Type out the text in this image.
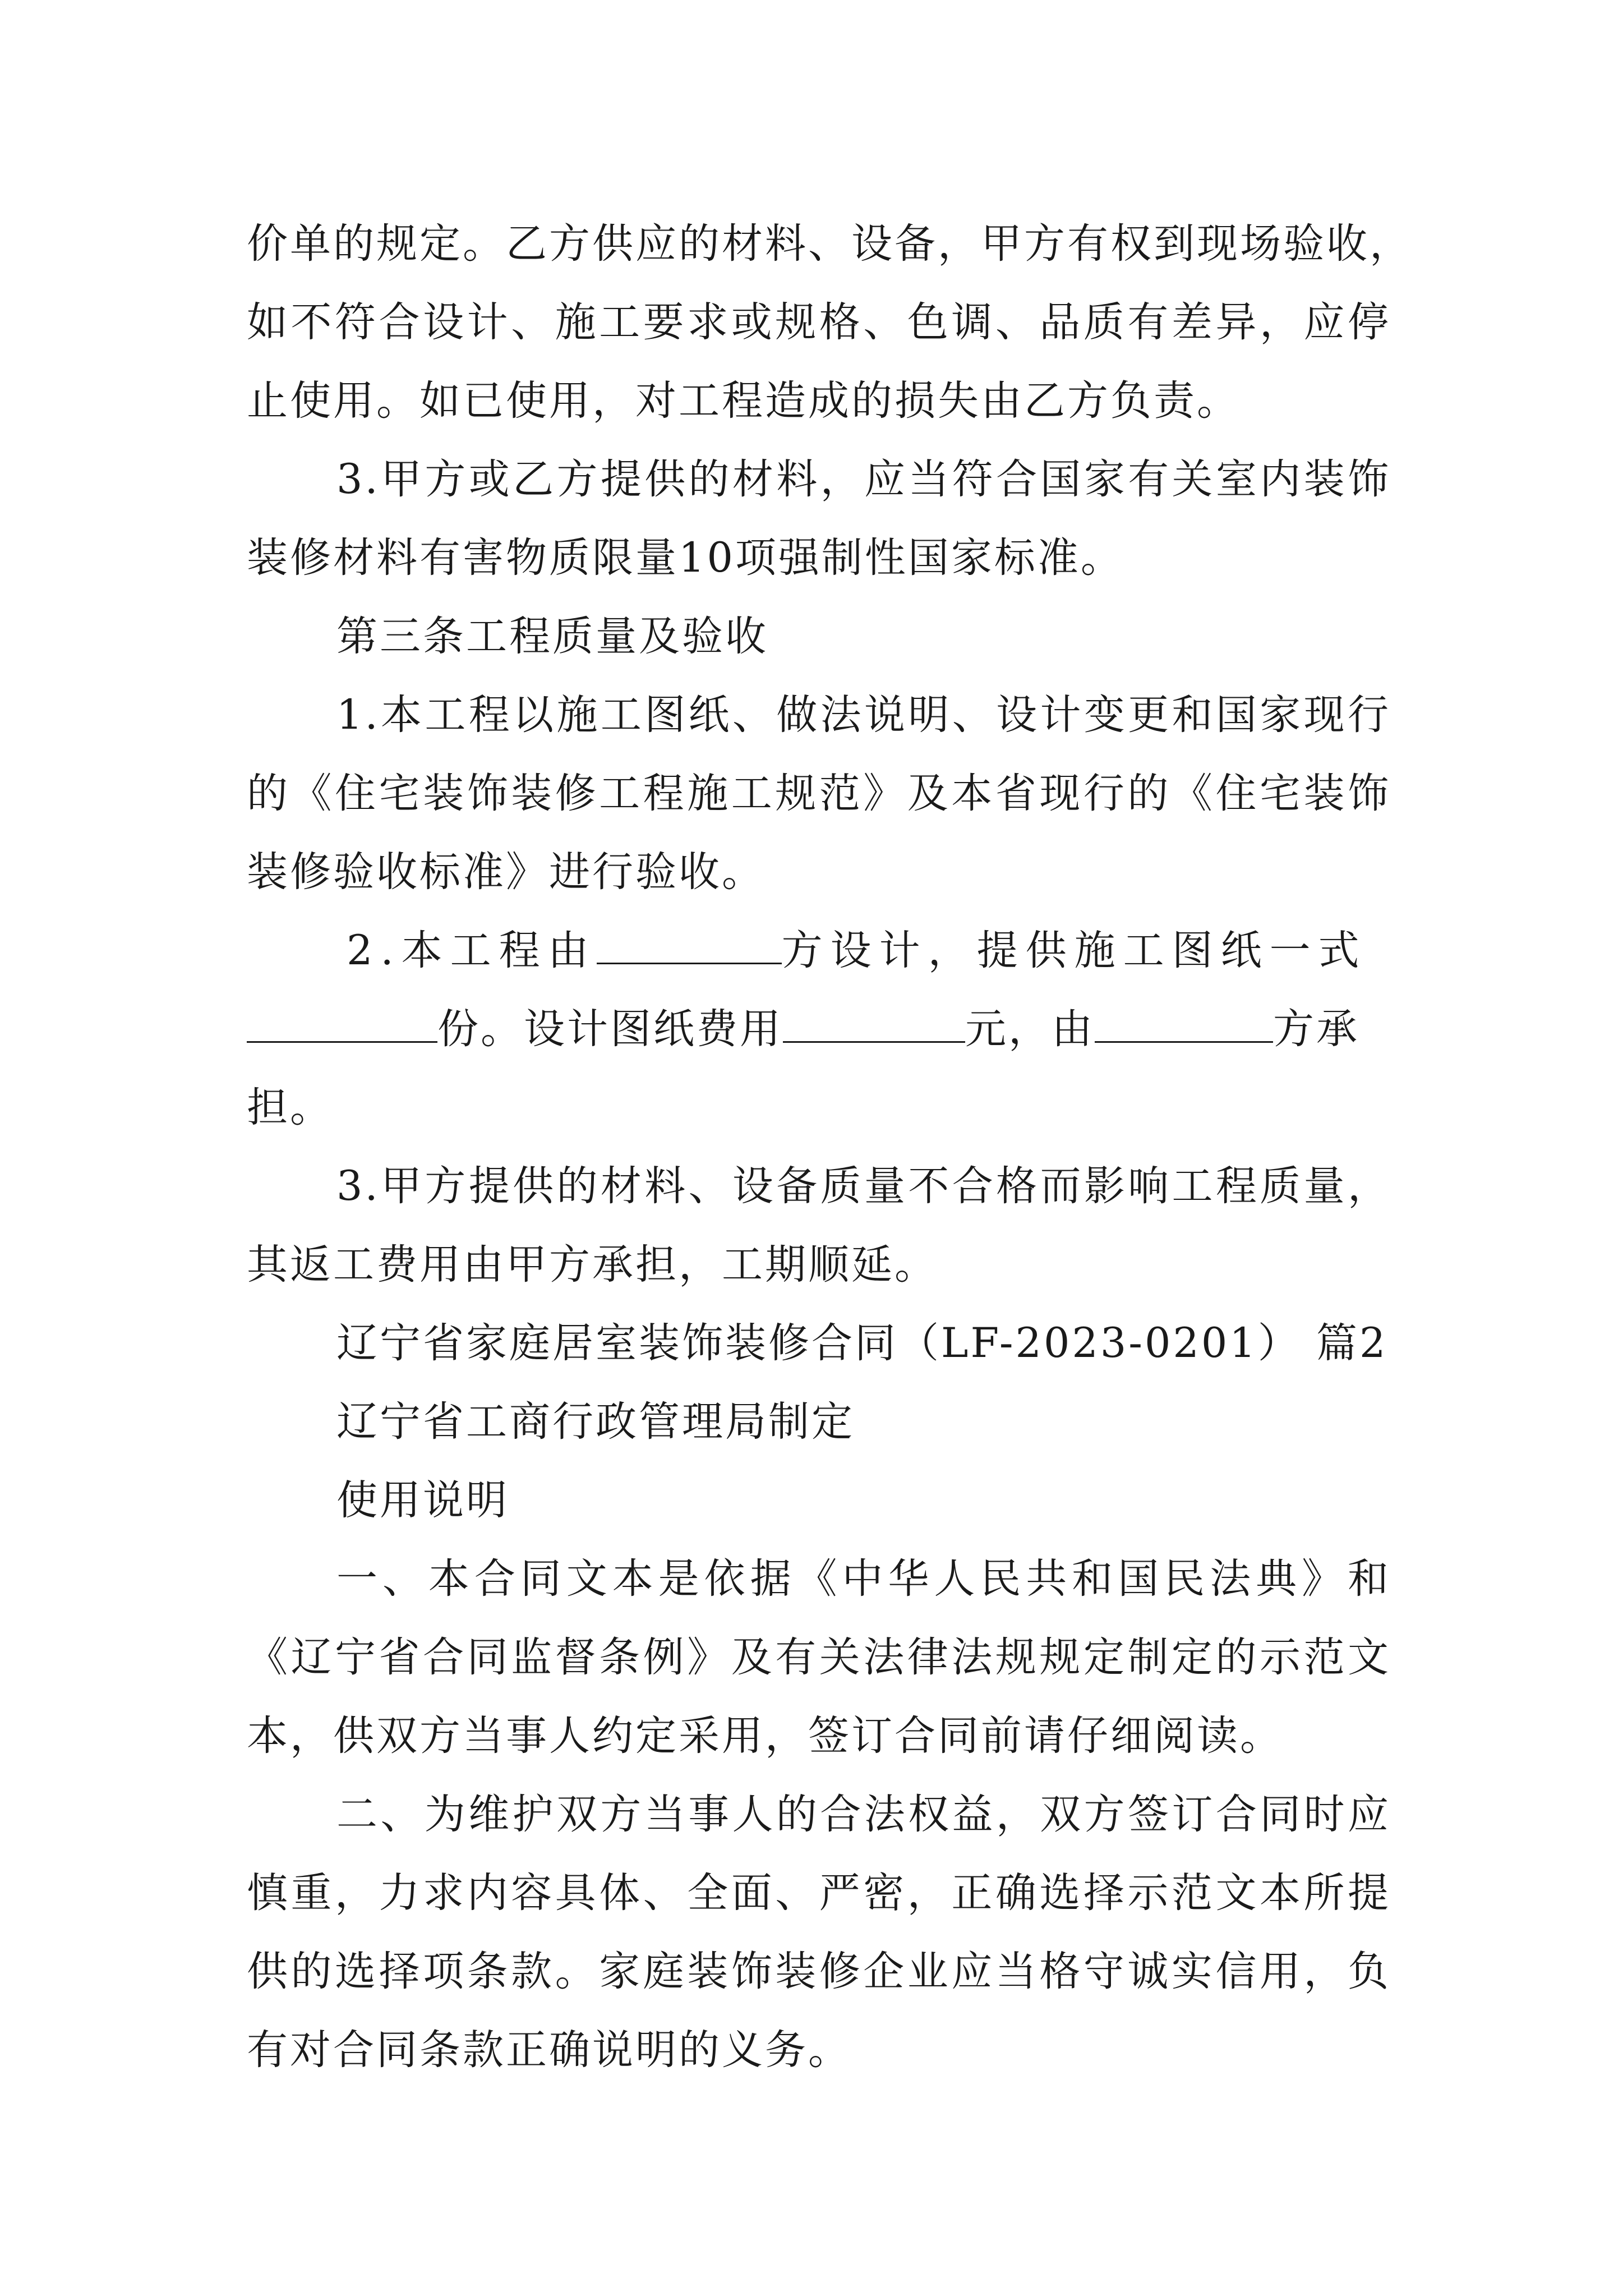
价单的规定。乙方供应的材料、设备，甲方有权到现场验收，
如不符合设计、施工要求或规格、色调、品质有差异，应停
止使用。如已使用，对工程造成的损失由乙方负责。
3.甲方或乙方提供的材料，应当符合国家有关室内装饰
装修材料有害物质限量10项强制性国家标准。
第三条工程质量及验收
1.本工程以施工图纸、做法说明、设计变更和国家现行
的《住宅装饰装修工程施工规范》及本省现行的《住宅装饰
装修验收标准》进行验收。
2.本工程由	方设计，提供施工图纸一式
份。设计图纸费用	元，由	方承
担。
3.甲方提供的材料、设备质量不合格而影响工程质量，
其返工费用由甲方承担，工期顺延。
辽宁省家庭居室装饰装修合同（LF-2023-0201） 篇2
辽宁省工商行政管理局制定
使用说明
一、本合同文本是依据《中华人民共和国民法典》和
《辽宁省合同监督条例》及有关法律法规规定制定的示范文
本，供双方当事人约定采用，签订合同前请仔细阅读。
二、为维护双方当事人的合法权益，双方签订合同时应
慎重，力求内容具体、全面、严密，正确选择示范文本所提
供的选择项条款。家庭装饰装修企业应当格守诚实信用，负
有对合同条款正确说明的义务。
